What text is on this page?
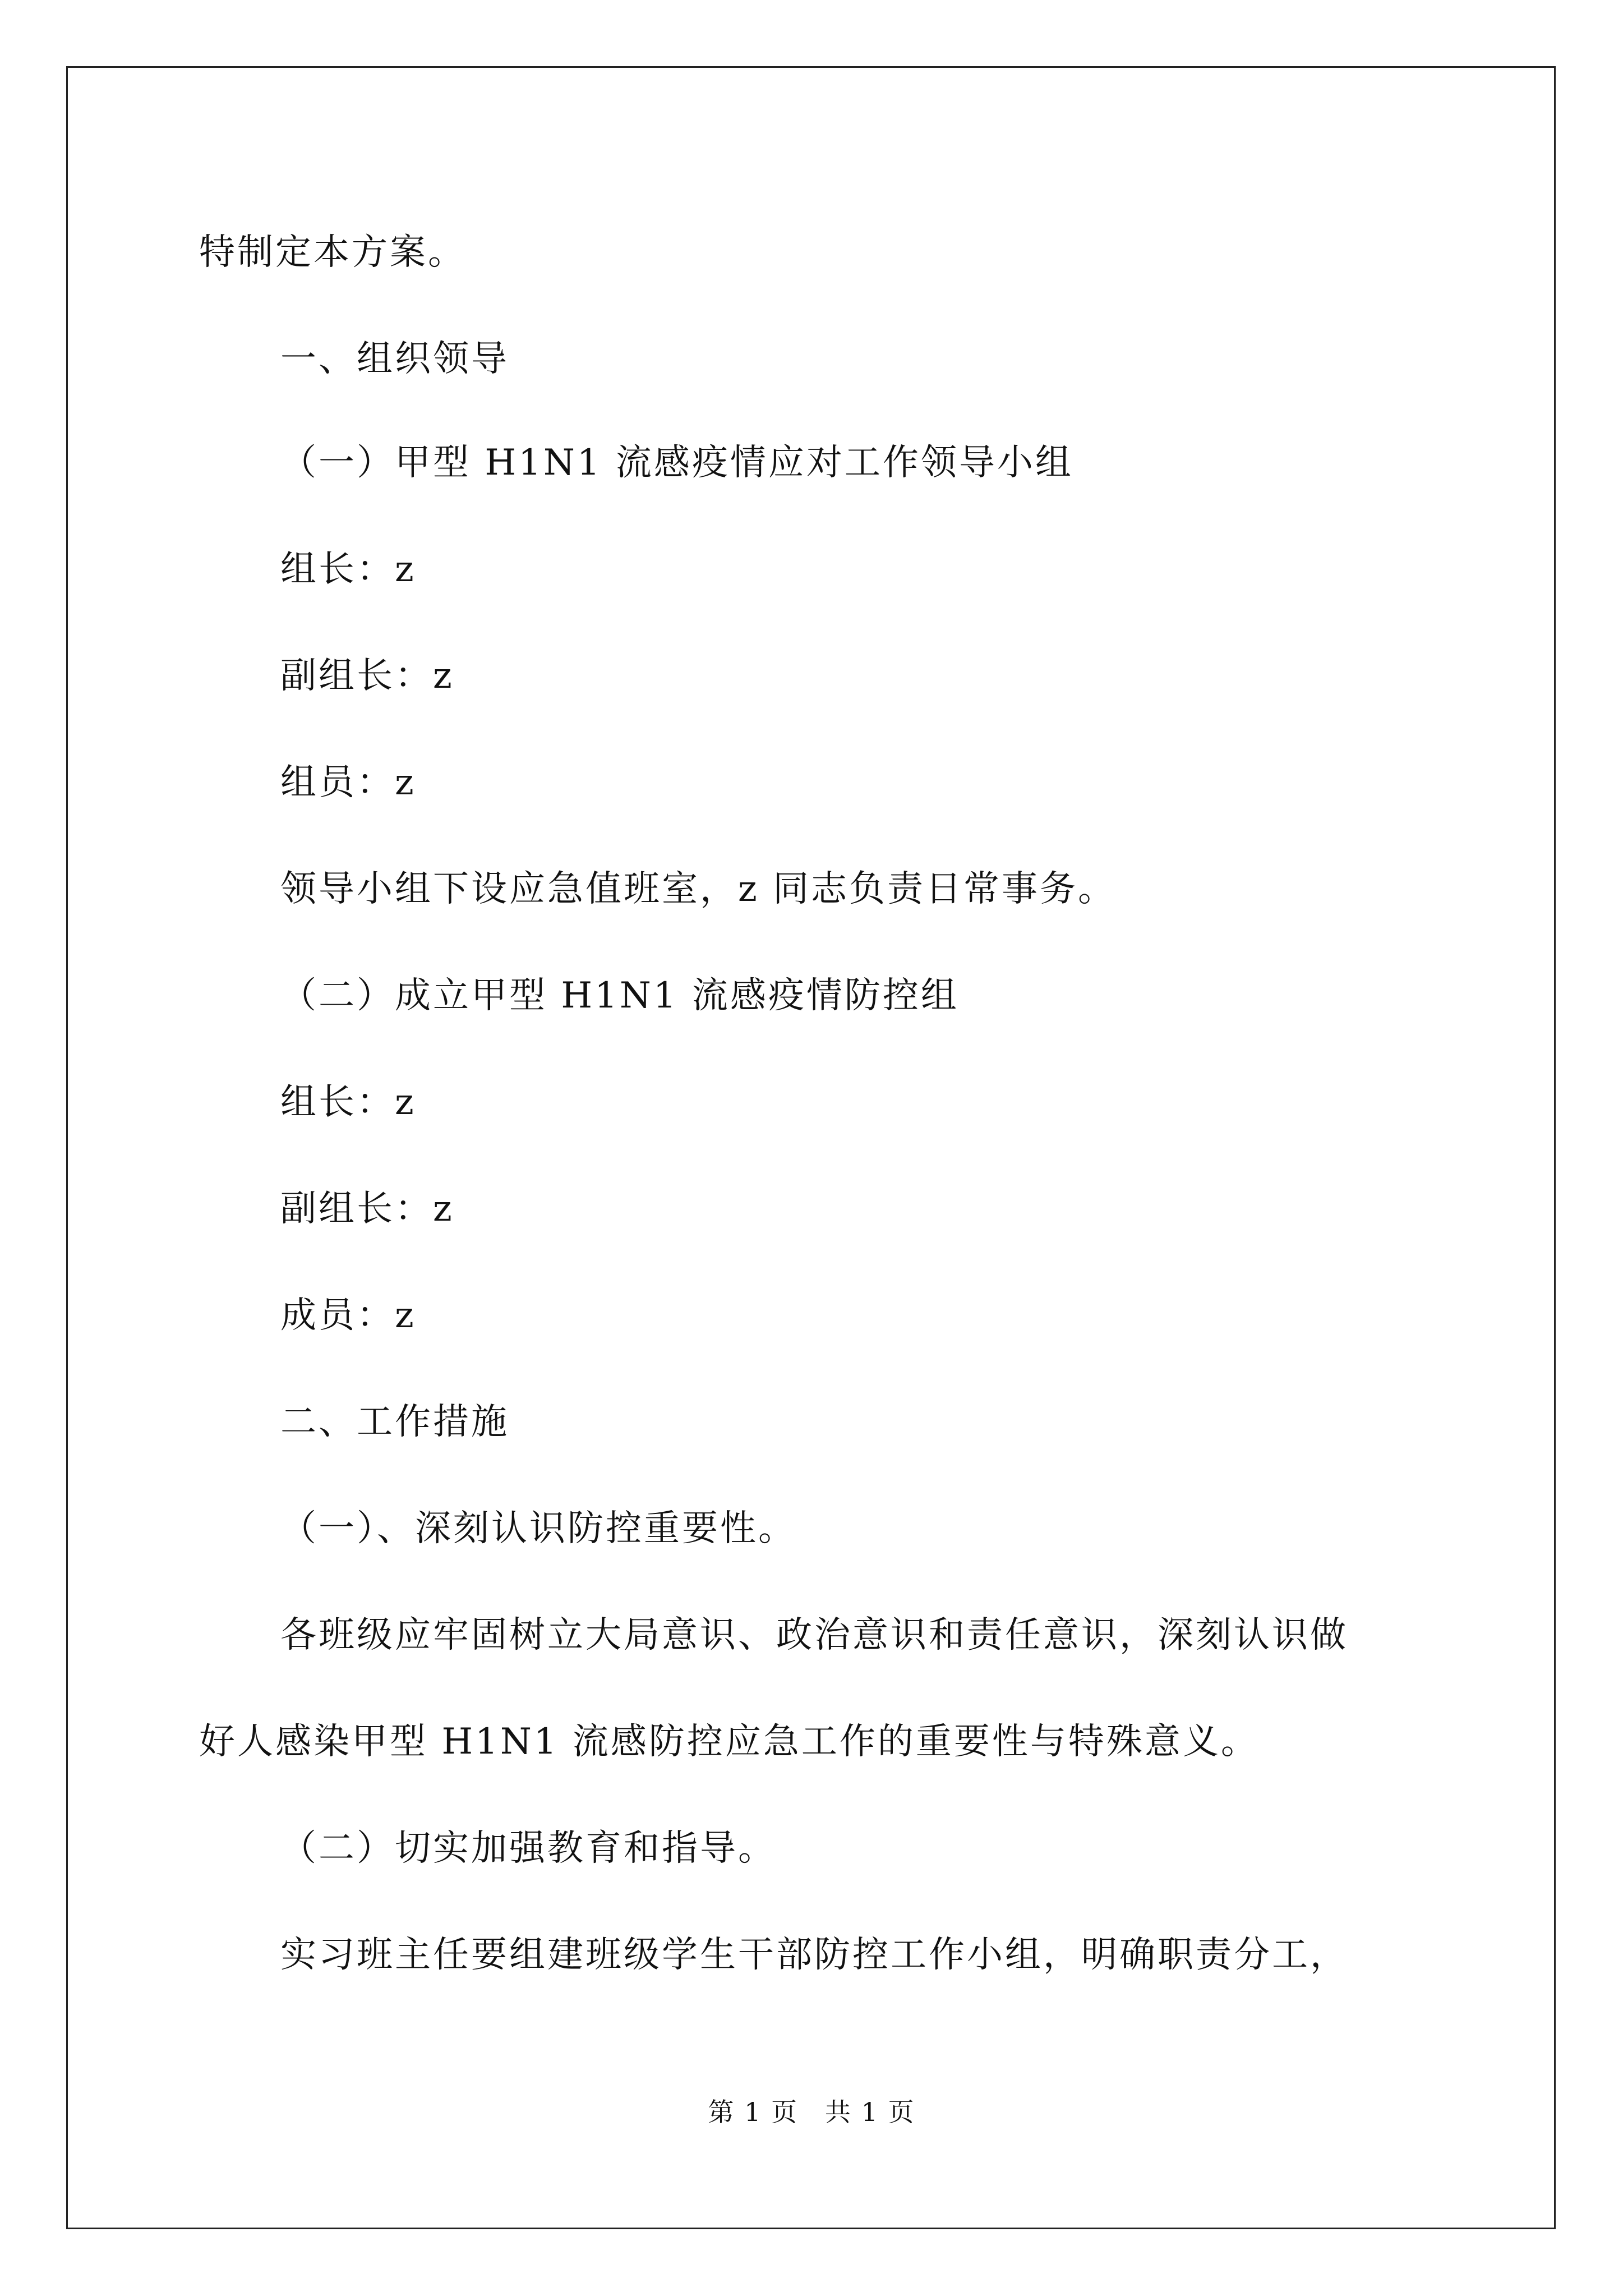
特制定本方案。
一、组织领导
（一）甲型 H1N1 流感疫情应对工作领导小组
组长：z
副组长：z
组员：z
领导小组下设应急值班室，z 同志负责日常事务。
（二）成立甲型 H1N1 流感疫情防控组
组长：z
副组长：z
成员：z
二、工作措施
（一）、深刻认识防控重要性。
各班级应牢固树立大局意识、政治意识和责任意识，深刻认识做
好人感染甲型 H1N1 流感防控应急工作的重要性与特殊意义。
（二）切实加强教育和指导。
实习班主任要组建班级学生干部防控工作小组，明确职责分工，
第 1 页　共 1 页
